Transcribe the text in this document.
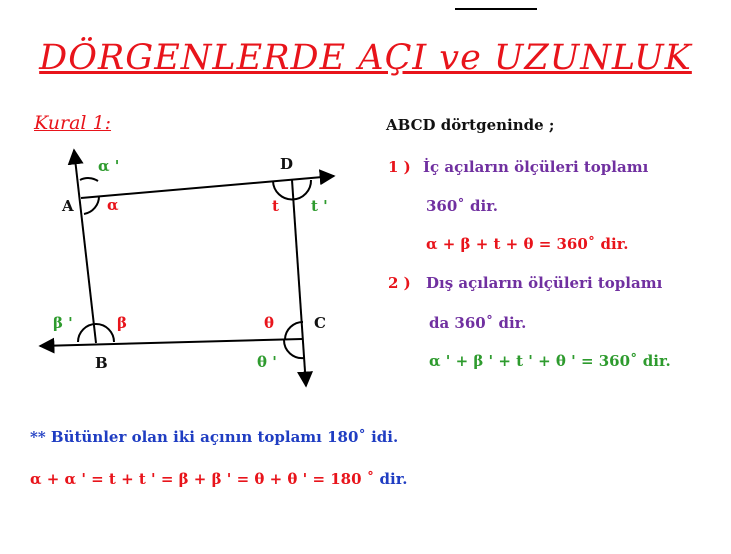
DÖRGENLERDE AÇI ve UZUNLUK
Kural 1:
A
B
C
D
α
α '
β
β '	θ
θ '
t t '
ABCD dörtgeninde ;
1 ) İç açıların ölçüleri toplamı
360˚ dir.
α + β + t + θ = 360˚ dir.
2 ) Dış açıların ölçüleri toplamı
da 360˚ dir.
α ' + β ' + t ' + θ ' = 360˚ dir.
** Bütünler olan iki açının toplamı 180˚ idi.
α + α ' = t + t ' = β + β ' = θ + θ ' = 180 ˚ dir.
